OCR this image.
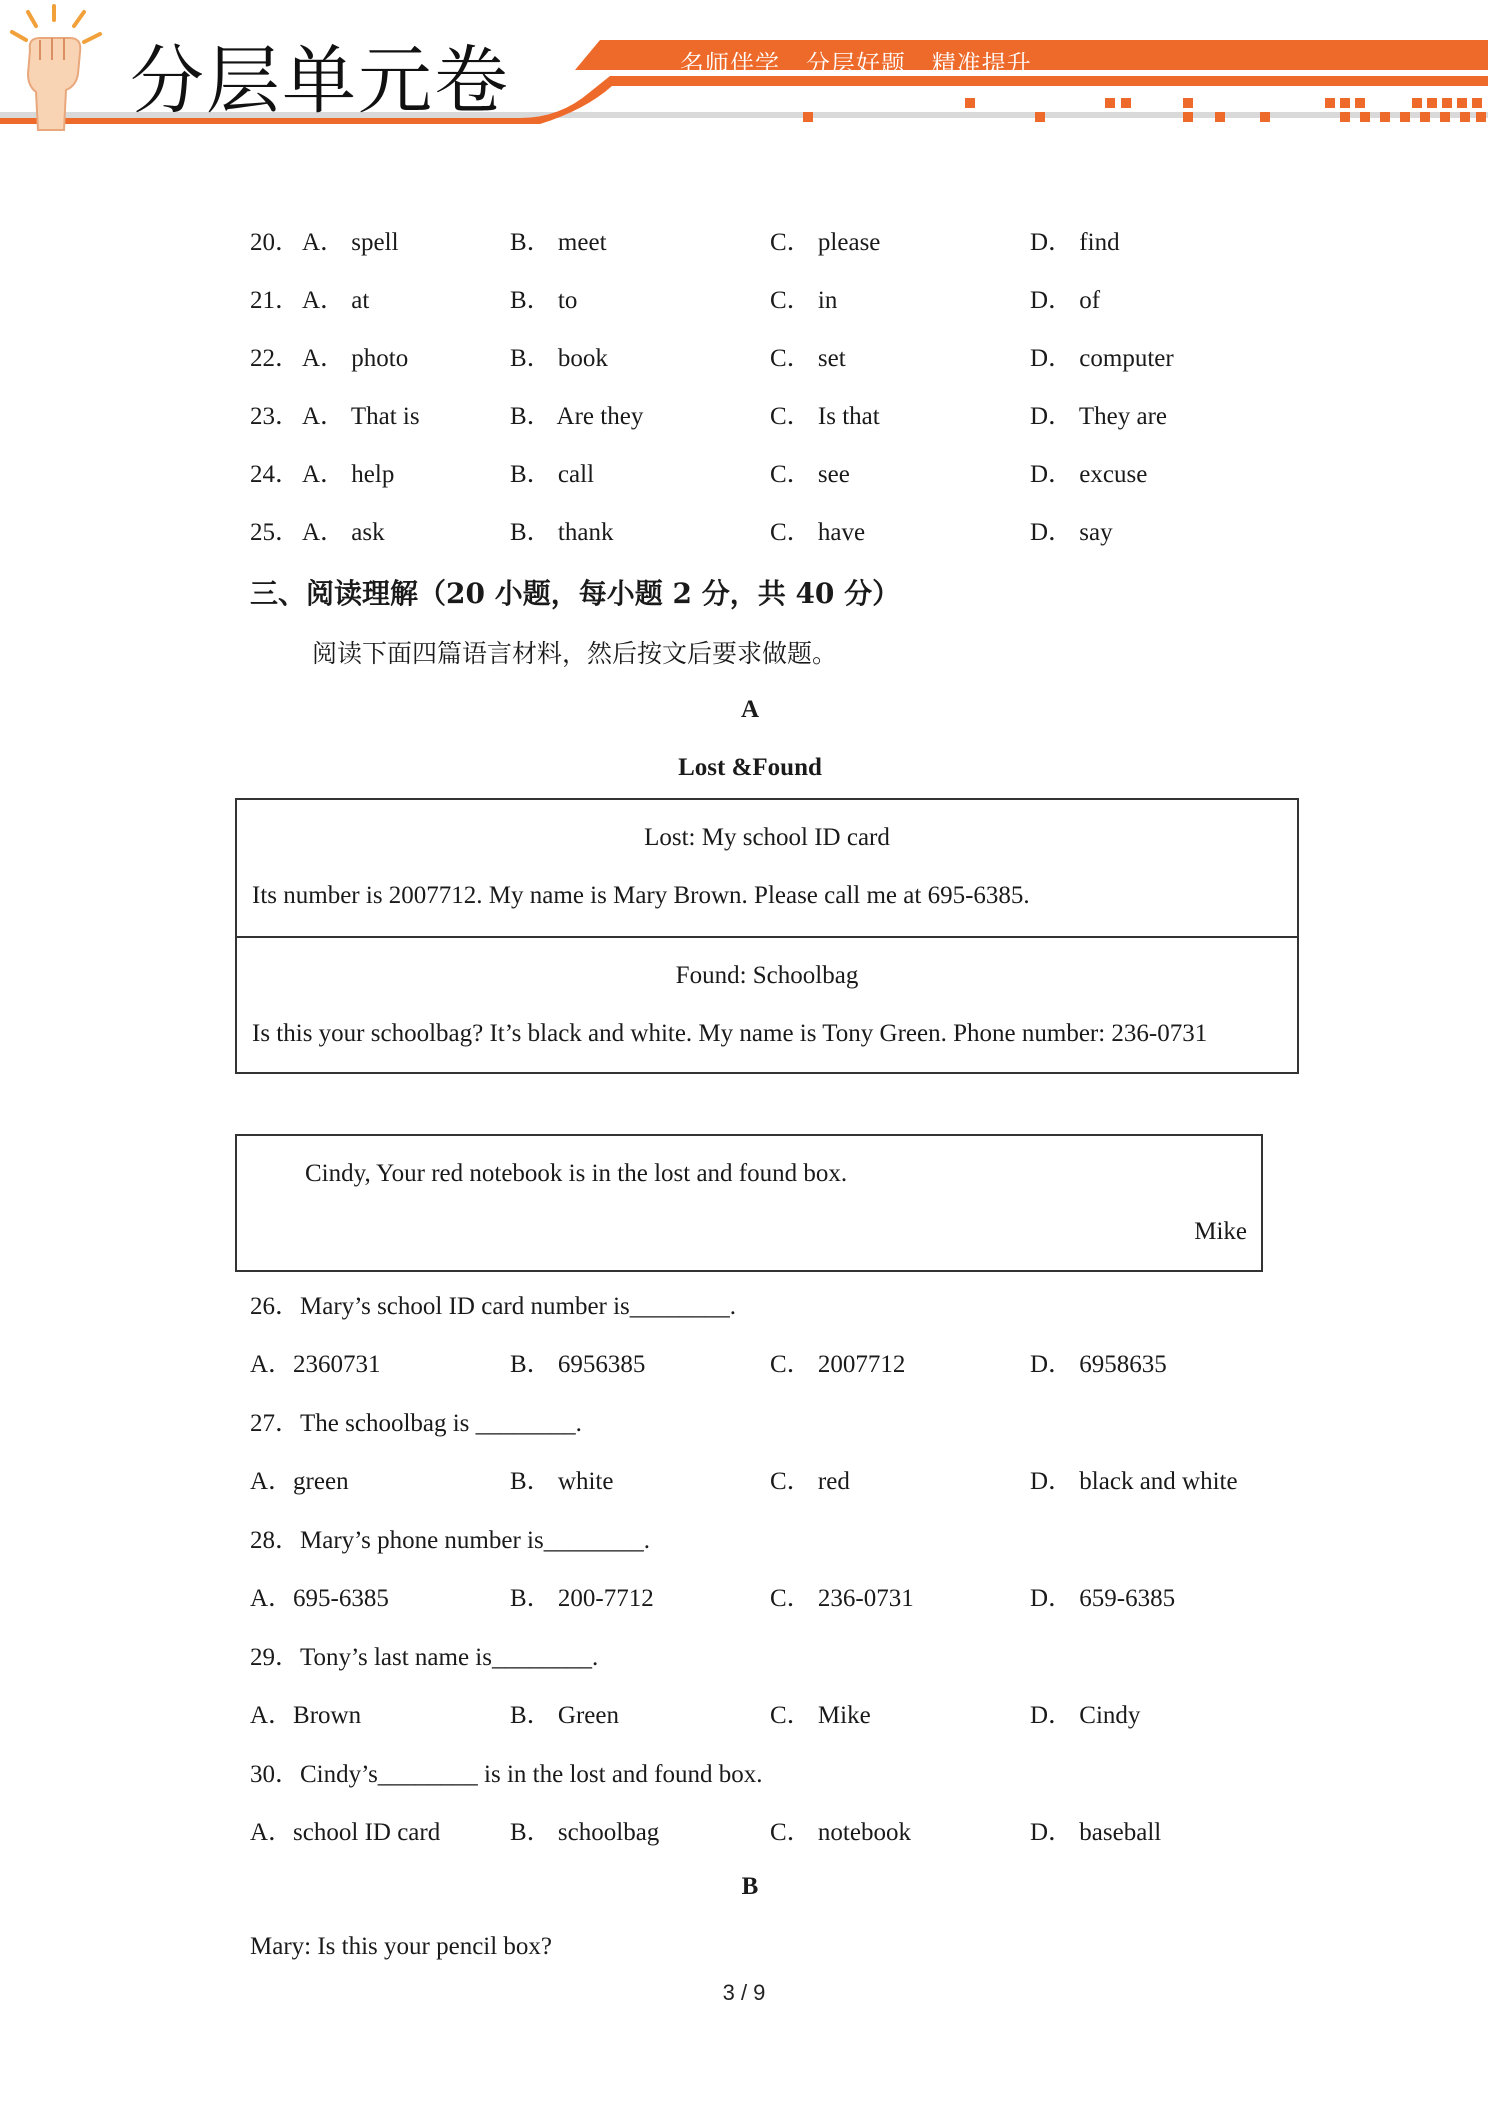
分层单元卷	名师伴学   分层好题   精准提升
20． A． spell	B． meet	C． please	D． find
21． A． at	B． to	C． in	D． of
22． A． photo	B． book	C． set	D． computer
23． A． That is	B． Are they	C． Is that	D． They are
24． A． help	B． call	C． see	D． excuse
25． A． ask	B． thank	C． have	D． say
三、阅读理解（20 小题，每小题 2 分，共 40 分）
阅读下面四篇语言材料，然后按文后要求做题。
A
Lost &Found
Lost: My school ID card
Its number is 2007712. My name is Mary Brown. Please call me at 695-6385.
Found: Schoolbag
Is this your schoolbag? It’s black and white. My name is Tony Green. Phone number: 236-0731
Cindy, Your red notebook is in the lost and found box.
Mike
26．Mary’s school ID card number is________.
A．2360731	B． 6956385	C． 2007712	D． 6958635
27．The schoolbag is ________.
A．green	B． white	C． red	D． black and white
28．Mary’s phone number is________.
A．695-6385	B． 200-7712	C． 236-0731	D． 659-6385
29．Tony’s last name is________.
A．Brown	B． Green	C． Mike	D． Cindy
30．Cindy’s________ is in the lost and found box.
A．school ID card	B． schoolbag	C． notebook	D． baseball
B
Mary: Is this your pencil box?
3 / 9
